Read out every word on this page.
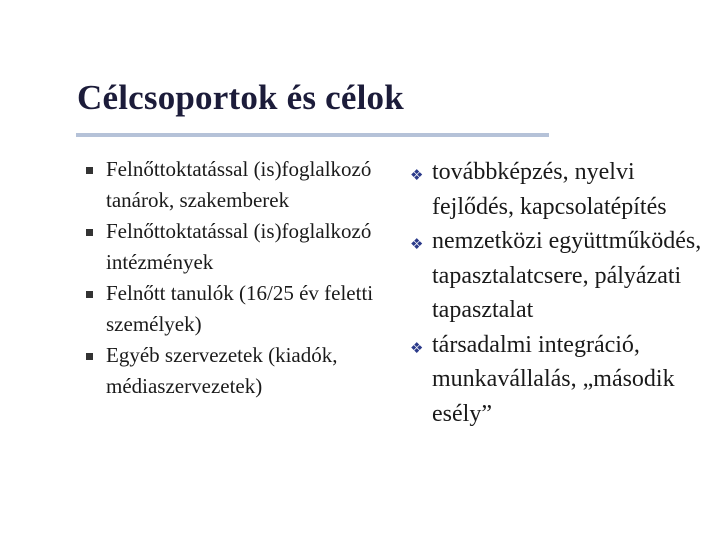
Célcsoportok és célok
Felnőttoktatással (is)foglalkozó tanárok, szakemberek
Felnőttoktatással (is)foglalkozó intézmények
Felnőtt tanulók (16/25 év feletti személyek)
Egyéb szervezetek (kiadók, médiaszervezetek)
❖ továbbképzés, nyelvi fejlődés, kapcsolatépítés
❖ nemzetközi együttműködés, tapasztalatcsere, pályázati tapasztalat
❖ társadalmi integráció, munkavállalás, „második esély”
